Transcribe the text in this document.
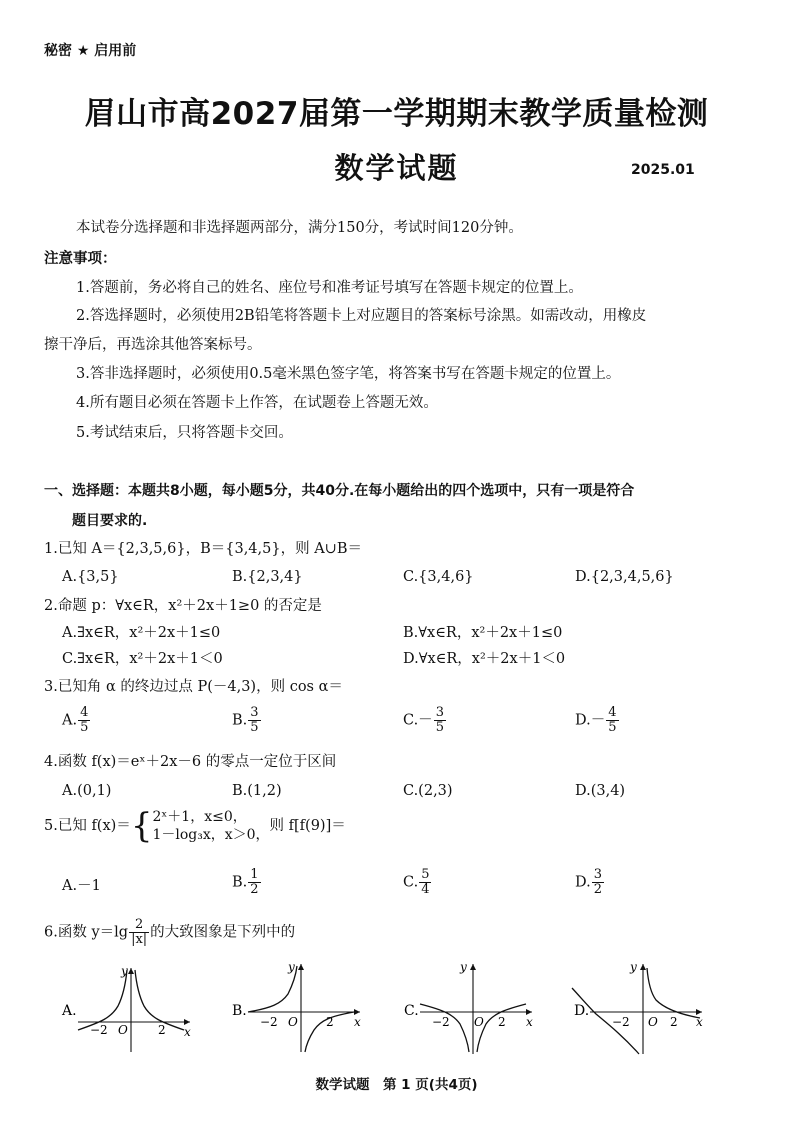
秘密 ★ 启用前
眉山市高2027届第一学期期末教学质量检测
数学试题	2025.01
本试卷分选择题和非选择题两部分，满分150分，考试时间120分钟。
注意事项：
1.答题前，务必将自己的姓名、座位号和准考证号填写在答题卡规定的位置上。
2.答选择题时，必须使用2B铅笔将答题卡上对应题目的答案标号涂黑。如需改动，用橡皮
擦干净后，再选涂其他答案标号。
3.答非选择题时，必须使用0.5毫米黑色签字笔，将答案书写在答题卡规定的位置上。
4.所有题目必须在答题卡上作答，在试题卷上答题无效。
5.考试结束后，只将答题卡交回。
一、选择题：本题共8小题，每小题5分，共40分.在每小题给出的四个选项中，只有一项是符合
题目要求的.
1.已知 A＝{2,3,5,6}，B＝{3,4,5}，则 A∪B＝
A.{3,5}	B.{2,3,4}	C.{3,4,6}	D.{2,3,4,5,6}
2.命题 p：∀x∈R，x²＋2x＋1≥0 的否定是
A.∃x∈R，x²＋2x＋1≤0	B.∀x∈R，x²＋2x＋1≤0
C.∃x∈R，x²＋2x＋1＜0	D.∀x∈R，x²＋2x＋1＜0
3.已知角 α 的终边过点 P(－4,3)，则 cos α＝
A. $\frac{4}{5}$	B. $\frac{3}{5}$	$C.- \frac{3}{5}$	$D.- \frac{4}{5}$
4.函数 f(x)＝eˣ＋2x－6 的零点一定位于区间
A.(0,1)	B.(1,2)	C.(2,3)	D.(3,4)
5.已知 f(x)＝{ 2ˣ＋1，x≤0，
1－log₃x，x＞0，
则 f[f(9)]＝
A.－1	B. $\frac{1}{2}$	C. $\frac{5}{4}$	D. $\frac{3}{2}$
6.函数 $y=\lg \frac{2}{|x|}$ 的大致图象是下列中的
A.
y
x
−2 O	2
B.
y
x
−2 O 2
C.
y
x
−2 O 2
D.
y
x
−2 O 2
数学试题　第 1 页(共4页)
